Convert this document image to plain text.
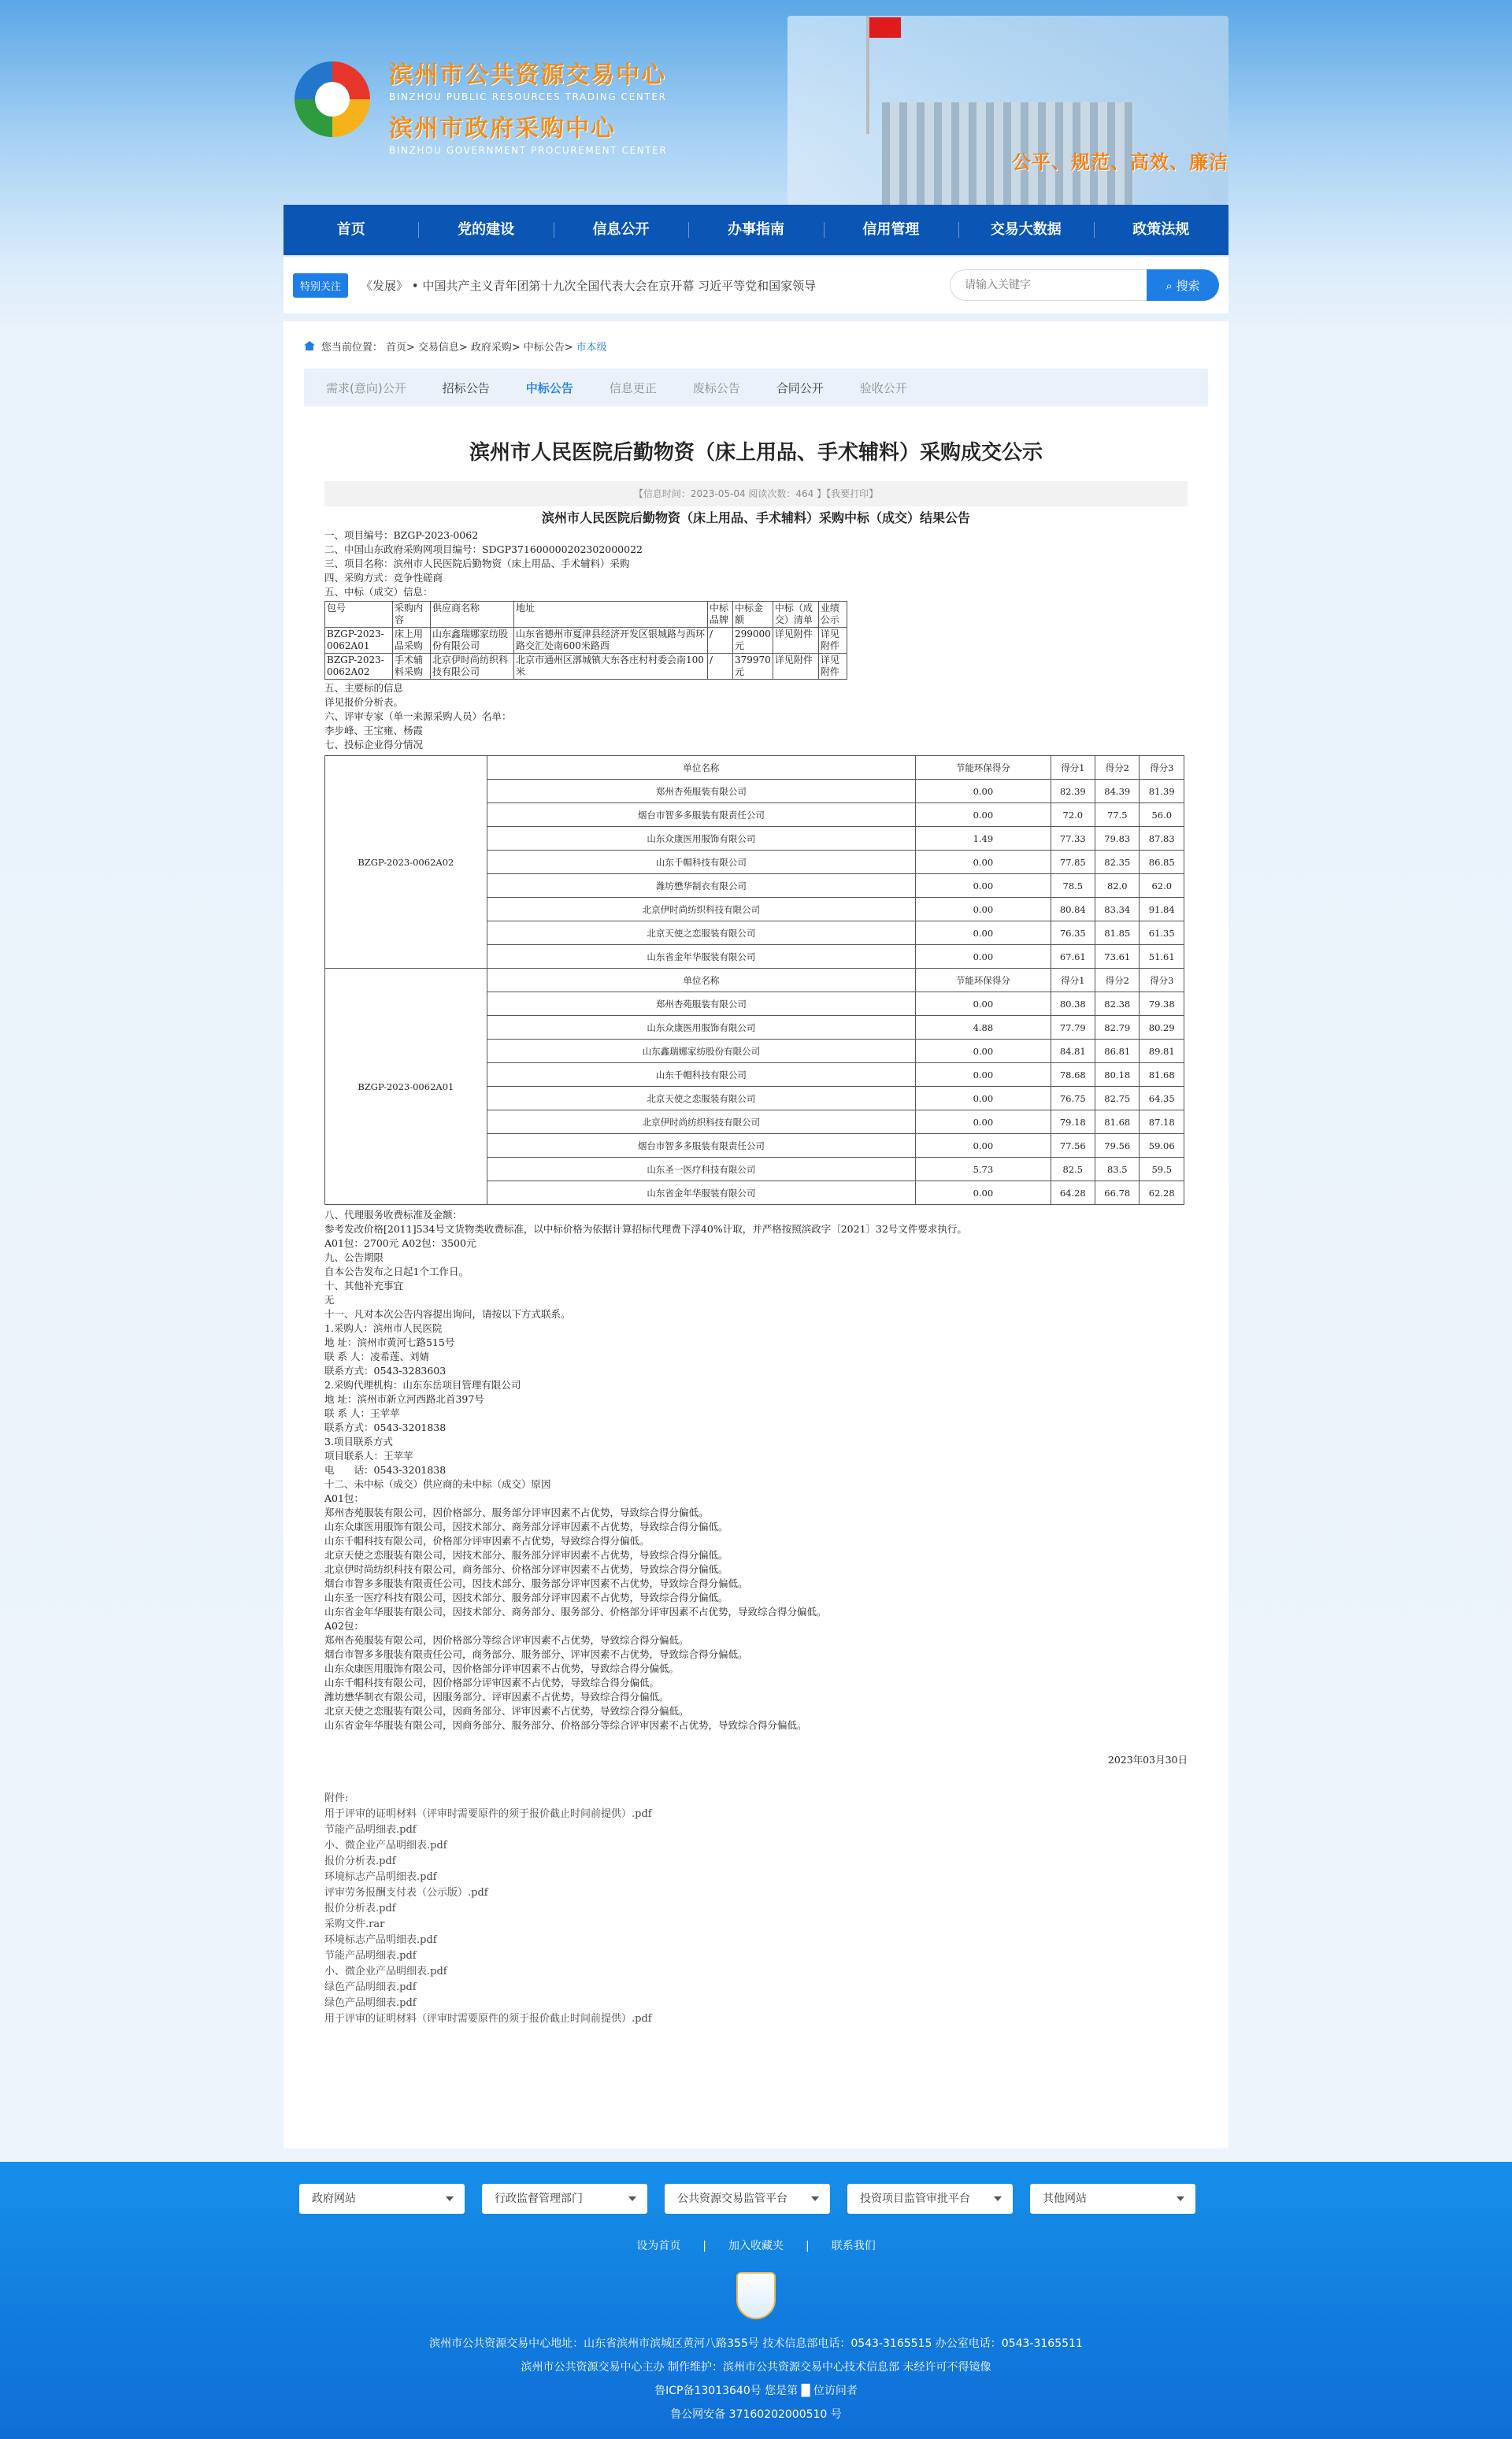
滨州市公共资源交易中心
BINZHOU PUBLIC RESOURCES TRADING CENTER
滨州市政府采购中心
BINZHOU GOVERNMENT PROCUREMENT CENTER
公平、规范、高效、廉洁
首页	党的建设	信息公开	办事指南	信用管理	交易大数据	政策法规
特别关注	《发展》 • 中国共产主义青年团第十九次全国代表大会在京开幕 习近平等党和国家领导
请输入关键字	⌕ 搜索
您当前位置： 首页> 交易信息> 政府采购> 中标公告> 市本级
需求(意向)公开	招标公告	中标公告	信息更正	废标公告	合同公开	验收公开
滨州市人民医院后勤物资（床上用品、手术辅料）采购成交公示
【信息时间：2023-05-04 阅读次数：464 】【我要打印】
滨州市人民医院后勤物资（床上用品、手术辅料）采购中标（成交）结果公告

一、项目编号：BZGP-2023-0062

二、中国山东政府采购网项目编号：SDGP371600000202302000022

三、项目名称：滨州市人民医院后勤物资（床上用品、手术辅料）采购

四、采购方式：竞争性磋商

五、中标（成交）信息：

包号	采购内容	供应商名称	地址	中标品牌	中标金额	中标（成交）清单	业绩公示
BZGP-2023-0062A01	床上用品采购	山东鑫瑞娜家纺股份有限公司	山东省德州市夏津县经济开发区银城路与西环路交汇处南600米路西	/	299000元	详见附件	详见附件
BZGP-2023-0062A02	手术辅料采购	北京伊时尚纺织科技有限公司	北京市通州区漷城镇大东各庄村村委会南100米	/	379970元	详见附件	详见附件

五、主要标的信息

详见报价分析表。

六、评审专家（单一来源采购人员）名单：

李步峰、王宝雍、杨霞

七、投标企业得分情况

BZGP-2023-0062A02	单位名称	节能环保得分	得分1	得分2	得分3
	郑州杏苑服装有限公司	0.00	82.39	84.39	81.39
	烟台市智多多服装有限责任公司	0.00	72.0	77.5	56.0
	山东众康医用服饰有限公司	1.49	77.33	79.83	87.83
	山东千帽科技有限公司	0.00	77.85	82.35	86.85
	潍坊懋华制衣有限公司	0.00	78.5	82.0	62.0
	北京伊时尚纺织科技有限公司	0.00	80.84	83.34	91.84
	北京天使之恋服装有限公司	0.00	76.35	81.85	61.35
	山东省金年华服装有限公司	0.00	67.61	73.61	51.61
BZGP-2023-0062A01	单位名称	节能环保得分	得分1	得分2	得分3
	郑州杏苑服装有限公司	0.00	80.38	82.38	79.38
	山东众康医用服饰有限公司	4.88	77.79	82.79	80.29
	山东鑫瑞娜家纺股份有限公司	0.00	84.81	86.81	89.81
	山东千帽科技有限公司	0.00	78.68	80.18	81.68
	北京天使之恋服装有限公司	0.00	76.75	82.75	64.35
	北京伊时尚纺织科技有限公司	0.00	79.18	81.68	87.18
	烟台市智多多服装有限责任公司	0.00	77.56	79.56	59.06
	山东圣一医疗科技有限公司	5.73	82.5	83.5	59.5
	山东省金年华服装有限公司	0.00	64.28	66.78	62.28

八、代理服务收费标准及金额：

参考发改价格[2011]534号文货物类收费标准，以中标价格为依据计算招标代理费下浮40%计取，并严格按照滨政字〔2021〕32号文件要求执行。

A01包：2700元 A02包：3500元

九、公告期限

自本公告发布之日起1个工作日。

十、其他补充事宜

无

十一、凡对本次公告内容提出询问，请按以下方式联系。

1.采购人：滨州市人民医院

地 址：滨州市黄河七路515号

联 系 人：凌希莲、刘婧

联系方式：0543-3283603

2.采购代理机构：山东东岳项目管理有限公司

地 址：滨州市新立河西路北首397号

联 系 人：王苹苹

联系方式：0543-3201838

3.项目联系方式

项目联系人：王苹苹

电　　话：0543-3201838

十二、未中标（成交）供应商的未中标（成交）原因

A01包：

郑州杏苑服装有限公司，因价格部分、服务部分评审因素不占优势，导致综合得分偏低。

山东众康医用服饰有限公司，因技术部分、商务部分评审因素不占优势，导致综合得分偏低。

山东千帽科技有限公司，价格部分评审因素不占优势，导致综合得分偏低。

北京天使之恋服装有限公司，因技术部分、服务部分评审因素不占优势，导致综合得分偏低。

北京伊时尚纺织科技有限公司，商务部分、价格部分评审因素不占优势，导致综合得分偏低。

烟台市智多多服装有限责任公司，因技术部分、服务部分评审因素不占优势，导致综合得分偏低。

山东圣一医疗科技有限公司，因技术部分、服务部分评审因素不占优势，导致综合得分偏低。

山东省金年华服装有限公司，因技术部分、商务部分、服务部分、价格部分评审因素不占优势，导致综合得分偏低。

A02包：

郑州杏苑服装有限公司，因价格部分等综合评审因素不占优势，导致综合得分偏低。

烟台市智多多服装有限责任公司，商务部分、服务部分、评审因素不占优势，导致综合得分偏低。

山东众康医用服饰有限公司，因价格部分评审因素不占优势，导致综合得分偏低。

山东千帽科技有限公司，因价格部分评审因素不占优势，导致综合得分偏低。

潍坊懋华制衣有限公司，因服务部分、评审因素不占优势，导致综合得分偏低。

北京天使之恋服装有限公司，因商务部分、评审因素不占优势，导致综合得分偏低。

山东省金年华服装有限公司，因商务部分、服务部分、价格部分等综合评审因素不占优势，导致综合得分偏低。

2023年03月30日

附件:

用于评审的证明材料（评审时需要原件的须于报价截止时间前提供）.pdf
节能产品明细表.pdf
小、微企业产品明细表.pdf
报价分析表.pdf
环境标志产品明细表.pdf
评审劳务报酬支付表（公示版）.pdf
报价分析表.pdf
采购文件.rar
环境标志产品明细表.pdf
节能产品明细表.pdf
小、微企业产品明细表.pdf
绿色产品明细表.pdf
绿色产品明细表.pdf
用于评审的证明材料（评审时需要原件的须于报价截止时间前提供）.pdf
政府网站	行政监督管理部门	公共资源交易监管平台	投资项目监管审批平台	其他网站
设为首页 | 加入收藏夹 | 联系我们
滨州市公共资源交易中心地址：山东省滨州市滨城区黄河八路355号 技术信息部电话：0543-3165515 办公室电话：0543-3165511
滨州市公共资源交易中心主办 制作维护：滨州市公共资源交易中心技术信息部 未经许可不得镜像
鲁ICP备13013640号 您是第 █ 位访问者
鲁公网安备 37160202000510 号
